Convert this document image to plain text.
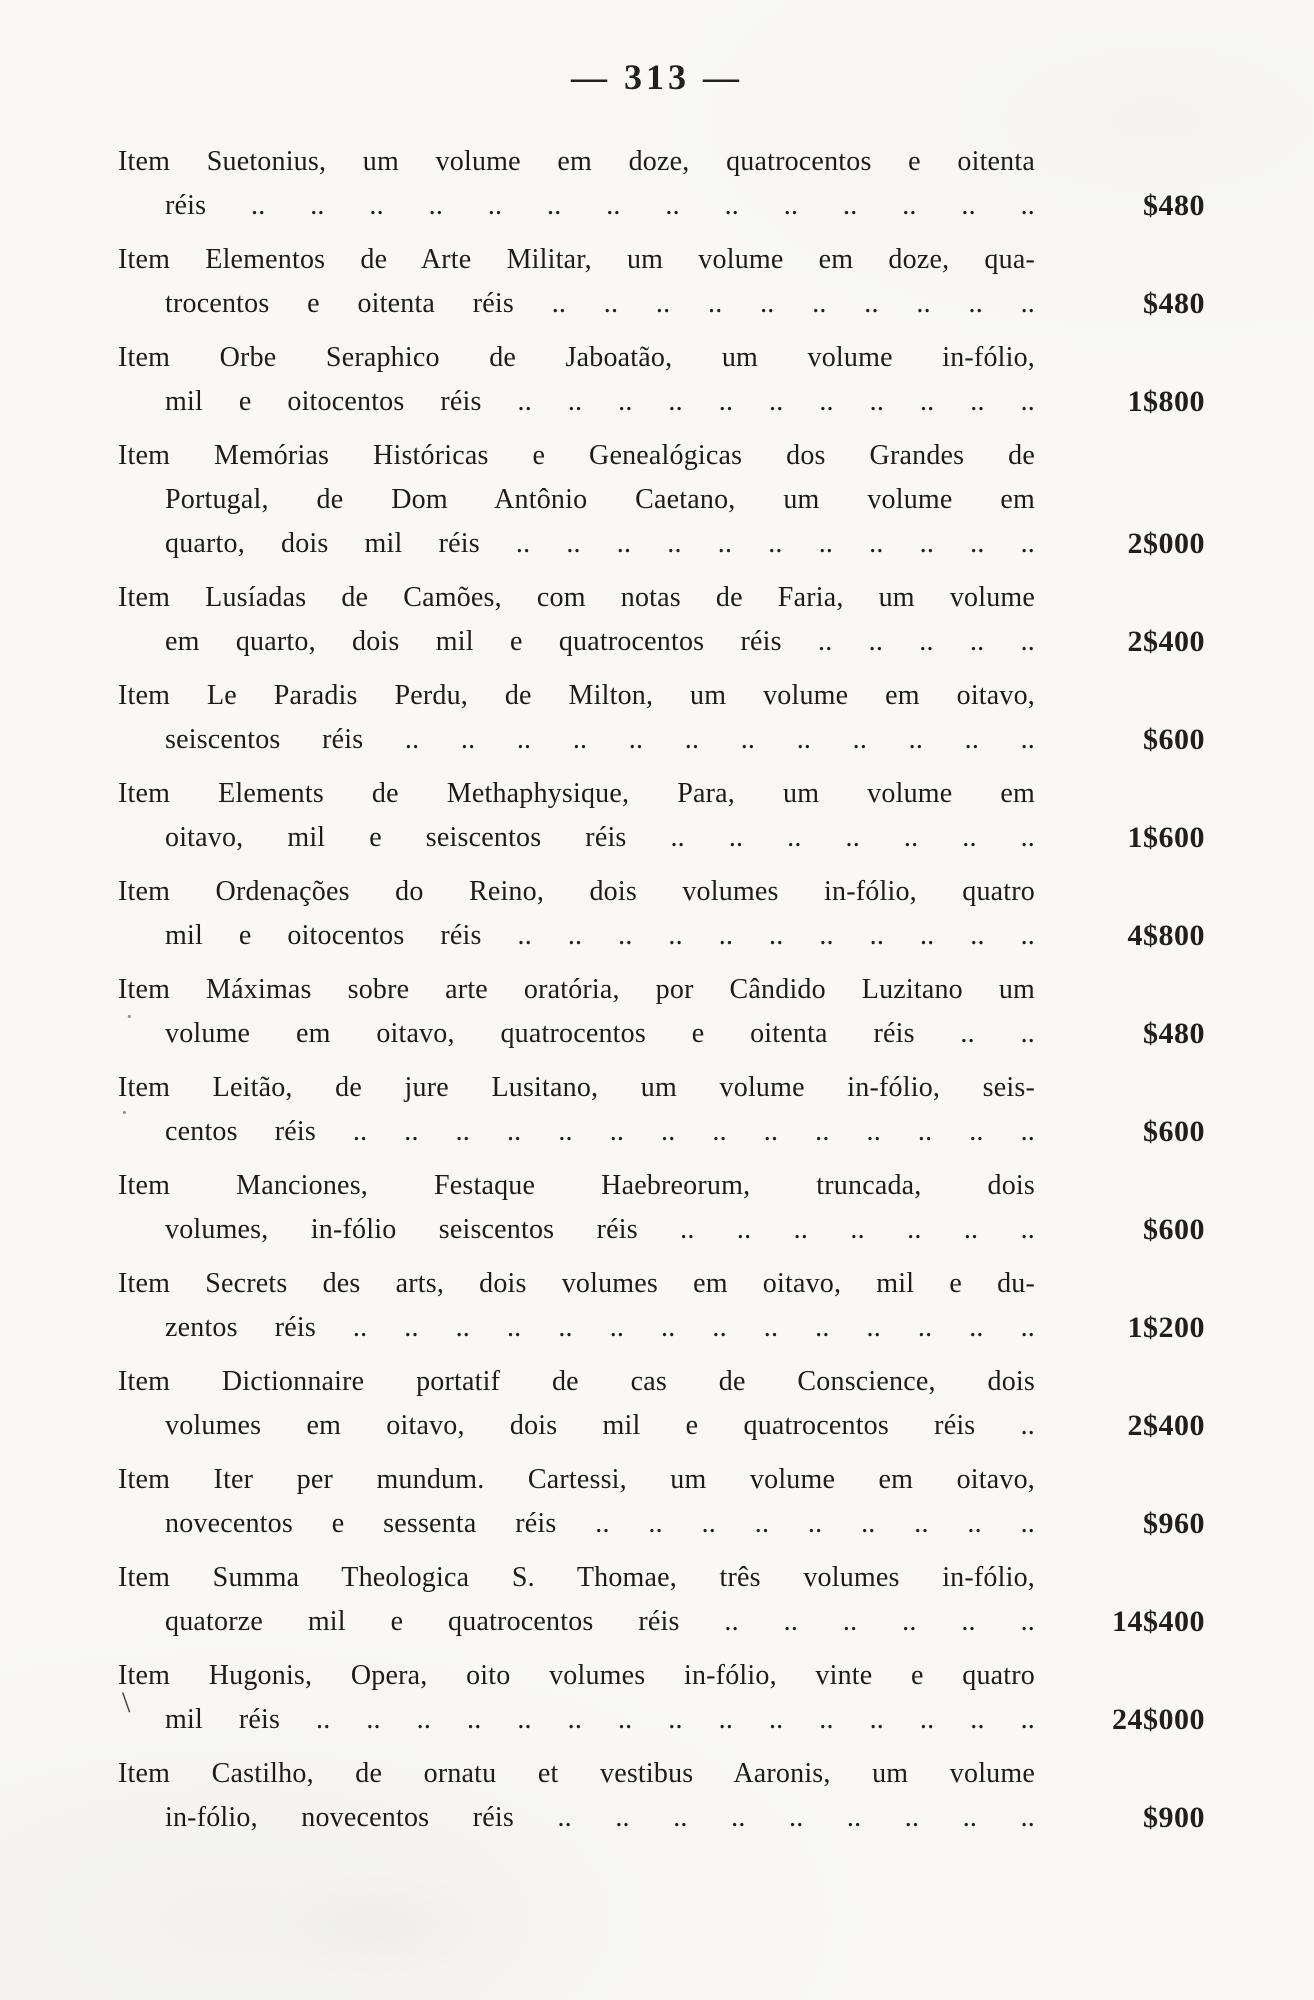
— 313 —
Item Suetonius, um volume em doze, quatrocentos e oitenta
réis .. .. .. .. .. .. .. .. .. .. .. .. .. ..	$480
Item Elementos de Arte Militar, um volume em doze, qua-
trocentos e oitenta réis .. .. .. .. .. .. .. .. .. ..	$480
Item Orbe Seraphico de Jaboatão, um volume in-fólio,
mil e oitocentos réis .. .. .. .. .. .. .. .. .. .. ..	1$800
Item Memórias Históricas e Genealógicas dos Grandes de
Portugal, de Dom Antônio Caetano, um volume em
quarto, dois mil réis .. .. .. .. .. .. .. .. .. .. ..	2$000
Item Lusíadas de Camões, com notas de Faria, um volume
em quarto, dois mil e quatrocentos réis .. .. .. .. ..	2$400
Item Le Paradis Perdu, de Milton, um volume em oitavo,
seiscentos réis .. .. .. .. .. .. .. .. .. .. .. ..	$600
Item Elements de Methaphysique, Para, um volume em
oitavo, mil e seiscentos réis .. .. .. .. .. .. ..	1$600
Item Ordenações do Reino, dois volumes in-fólio, quatro
mil e oitocentos réis .. .. .. .. .. .. .. .. .. .. ..	4$800
Item Máximas sobre arte oratória, por Cândido Luzitano um
volume em oitavo, quatrocentos e oitenta réis .. ..	$480
Item Leitão, de jure Lusitano, um volume in-fólio, seis-
centos réis .. .. .. .. .. .. .. .. .. .. .. .. .. ..	$600
Item Manciones, Festaque Haebreorum, truncada, dois
volumes, in-fólio seiscentos réis .. .. .. .. .. .. ..	$600
Item Secrets des arts, dois volumes em oitavo, mil e du-
zentos réis .. .. .. .. .. .. .. .. .. .. .. .. .. ..	1$200
Item Dictionnaire portatif de cas de Conscience, dois
volumes em oitavo, dois mil e quatrocentos réis ..	2$400
Item Iter per mundum. Cartessi, um volume em oitavo,
novecentos e sessenta réis .. .. .. .. .. .. .. .. ..	$960
Item Summa Theologica S. Thomae, três volumes in-fólio,
quatorze mil e quatrocentos réis .. .. .. .. .. ..	14$400
Item Hugonis, Opera, oito volumes in-fólio, vinte e quatro
mil réis .. .. .. .. .. .. .. .. .. .. .. .. .. .. ..	24$000
Item Castilho, de ornatu et vestibus Aaronis, um volume
in-fólio, novecentos réis .. .. .. .. .. .. .. .. ..	$900
\
·
·
